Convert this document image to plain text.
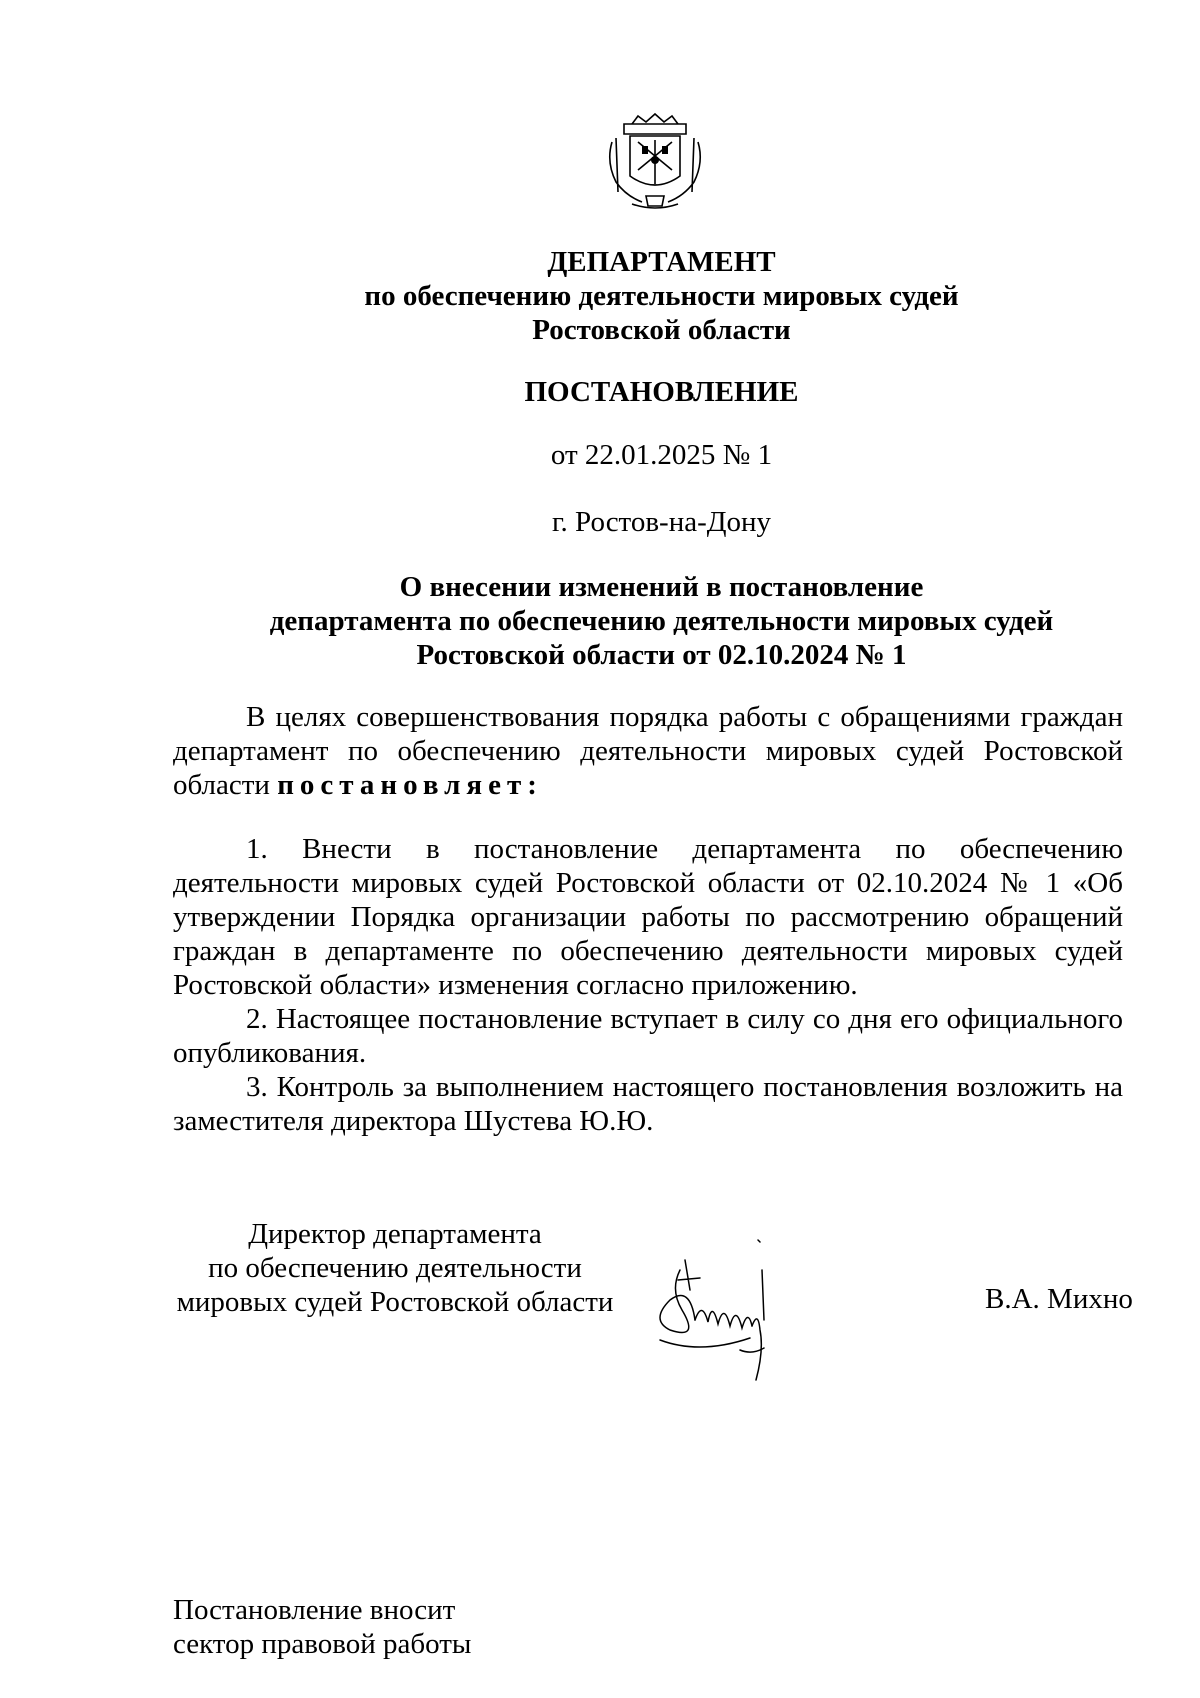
ДЕПАРТАМЕНТ
по обеспечению деятельности мировых судей
Ростовской области
ПОСТАНОВЛЕНИЕ
от 22.01.2025 № 1
г. Ростов-на-Дону
О внесении изменений в постановление
департамента по обеспечению деятельности мировых судей
Ростовской области от 02.10.2024 № 1

В целях совершенствования порядка работы с обращениями граждан департамент по обеспечению деятельности мировых судей Ростовской области постановляет:

1. Внести в постановление департамента по обеспечению деятельности мировых судей Ростовской области от 02.10.2024 № 1 «Об утверждении Порядка организации работы по рассмотрению обращений граждан в департаменте по обеспечению деятельности мировых судей Ростовской области» изменения согласно приложению.

2. Настоящее постановление вступает в силу со дня его официального опубликования.

3. Контроль за выполнением настоящего постановления возложить на заместителя директора Шустева Ю.Ю.

Директор департамента
по обеспечению деятельности
мировых судей Ростовской области	В.А. Михно
Постановление вносит
сектор правовой работы
